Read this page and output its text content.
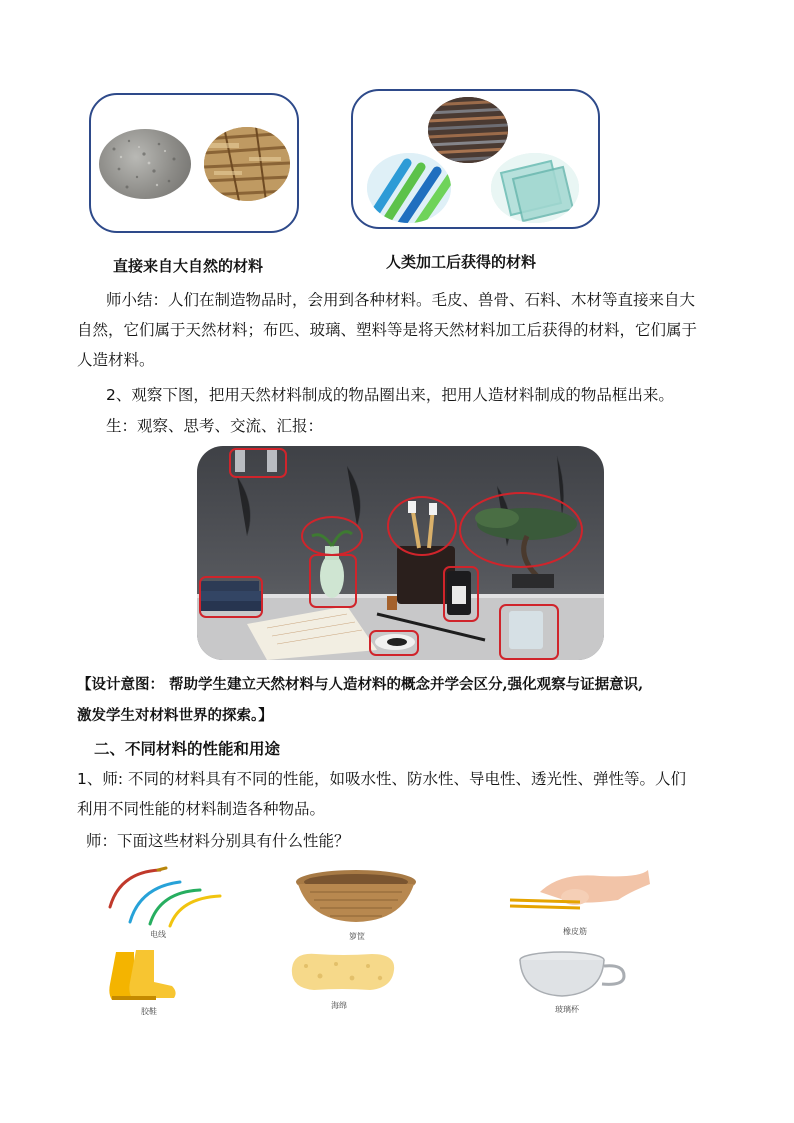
直接来自大自然的材料	人类加工后获得的材料
师小结：人们在制造物品时，会用到各种材料。毛皮、兽骨、石料、木材等直接来自大
自然，它们属于天然材料；布匹、玻璃、塑料等是将天然材料加工后获得的材料，它们属于
人造材料。
2、观察下图，把用天然材料制成的物品圈出来，把用人造材料制成的物品框出来。
生：观察、思考、交流、汇报：
【设计意图： 帮助学生建立天然材料与人造材料的概念并学会区分,强化观察与证据意识,
激发学生对材料世界的探索。】
二、不同材料的性能和用途
1、师: 不同的材料具有不同的性能，如吸水性、防水性、导电性、透光性、弹性等。人们
利用不同性能的材料制造各种物品。
师：下面这些材料分别具有什么性能？
电线	箩筐
橡皮筋
胶鞋
海绵	玻璃杯
